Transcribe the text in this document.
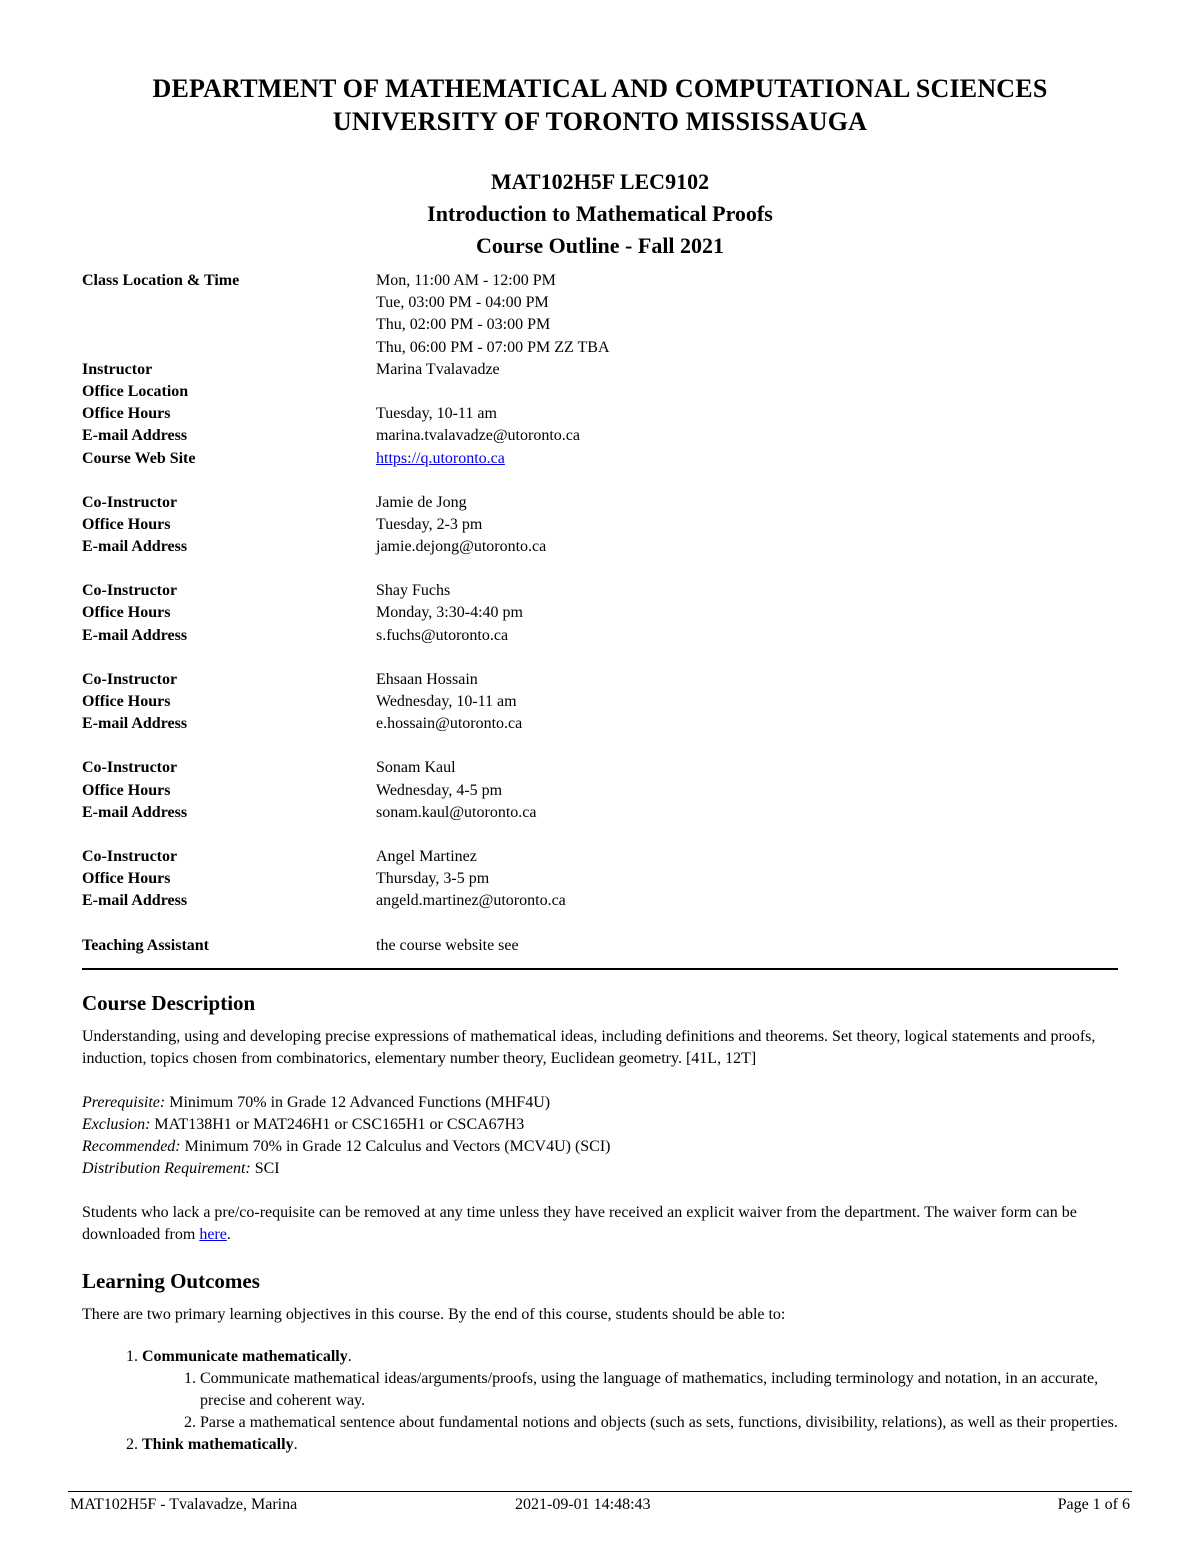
DEPARTMENT OF MATHEMATICAL AND COMPUTATIONAL SCIENCES
UNIVERSITY OF TORONTO MISSISSAUGA
MAT102H5F LEC9102
Introduction to Mathematical Proofs
Course Outline - Fall 2021
Class Location & Time	Mon, 11:00 AM - 12:00 PM
Tue, 03:00 PM - 04:00 PM
Thu, 02:00 PM - 03:00 PM
Thu, 06:00 PM - 07:00 PM ZZ TBA
Instructor	Marina Tvalavadze
Office Location
Office Hours	Tuesday, 10-11 am
E-mail Address	marina.tvalavadze@utoronto.ca
Course Web Site	https://q.utoronto.ca
Co-Instructor	Jamie de Jong
Office Hours	Tuesday, 2-3 pm
E-mail Address	jamie.dejong@utoronto.ca
Co-Instructor	Shay Fuchs
Office Hours	Monday, 3:30-4:40 pm
E-mail Address	s.fuchs@utoronto.ca
Co-Instructor	Ehsaan Hossain
Office Hours	Wednesday, 10-11 am
E-mail Address	e.hossain@utoronto.ca
Co-Instructor	Sonam Kaul
Office Hours	Wednesday, 4-5 pm
E-mail Address	sonam.kaul@utoronto.ca
Co-Instructor	Angel Martinez
Office Hours	Thursday, 3-5 pm
E-mail Address	angeld.martinez@utoronto.ca
Teaching Assistant	the course website see
Course Description

Understanding, using and developing precise expressions of mathematical ideas, including definitions and theorems. Set theory, logical statements and proofs, induction, topics chosen from combinatorics, elementary number theory, Euclidean geometry. [41L, 12T]

Prerequisite: Minimum 70% in Grade 12 Advanced Functions (MHF4U)

Exclusion: MAT138H1 or MAT246H1 or CSC165H1 or CSCA67H3

Recommended: Minimum 70% in Grade 12 Calculus and Vectors (MCV4U) (SCI)

Distribution Requirement: SCI

Students who lack a pre/co-requisite can be removed at any time unless they have received an explicit waiver from the department. The waiver form can be downloaded from here.

Learning Outcomes

There are two primary learning objectives in this course. By the end of this course, students should be able to:

1. Communicate mathematically.
1. Communicate mathematical ideas/arguments/proofs, using the language of mathematics, including terminology and notation, in an accurate, precise and coherent way.
2. Parse a mathematical sentence about fundamental notions and objects (such as sets, functions, divisibility, relations), as well as their properties.
2. Think mathematically.
MAT102H5F - Tvalavadze, Marina	2021-09-01 14:48:43	Page 1 of 6
